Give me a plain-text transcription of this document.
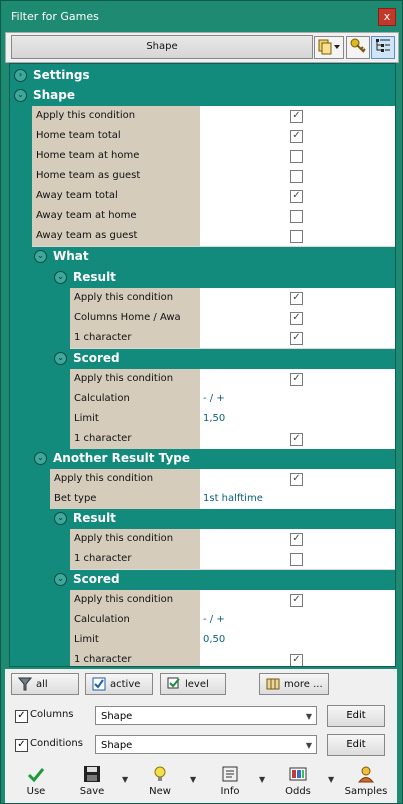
Filter for Games	x
Shape
› Settings
⌄ Shape
Apply this condition	✓
Home team total	✓
Home team at home
Home team as guest
Away team total	✓
Away team at home
Away team as guest
⌄ What
⌄ Result
Apply this condition	✓
Columns Home / Awa	✓
1 character	✓
⌄ Scored
Apply this condition	✓
Calculation	- / +
Limit	1,50
1 character	✓
⌄ Another Result Type
Apply this condition	✓
Bet type	1st halftime
⌄ Result
Apply this condition	✓
1 character
⌄ Scored
Apply this condition	✓
Calculation	- / +
Limit	0,50
1 character	✓
all	active	level	more ...
✓ Columns	Shape	▼	Edit
✓ Conditions	Shape	▼	Edit
Use	Save
▼
New
▼
Info
▼
Odds
▼
Samples
